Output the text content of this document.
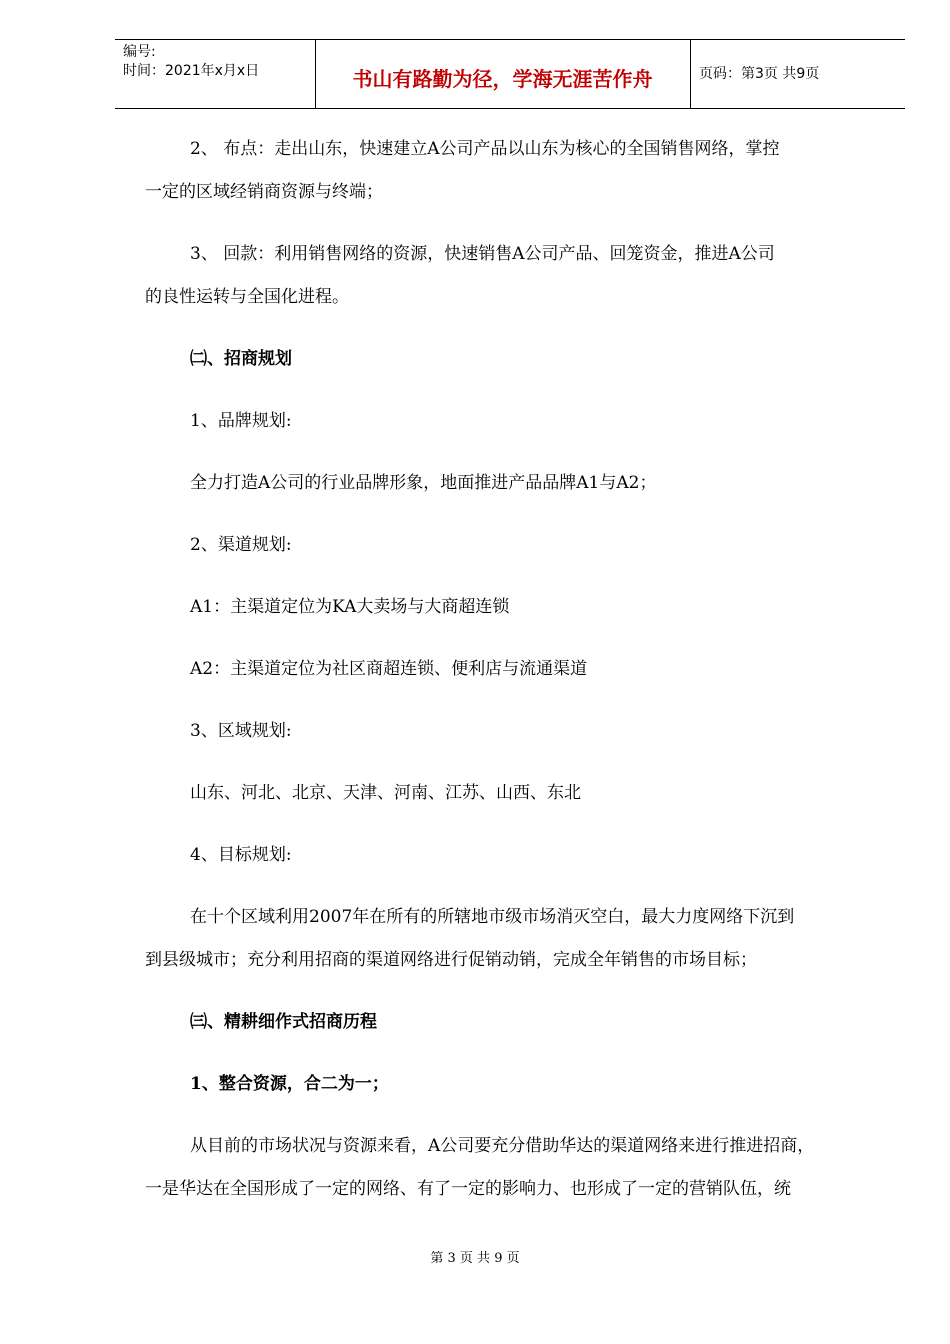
编号:
时间：2021年x月x日	书山有路勤为径，学海无涯苦作舟	页码：第3页 共9页
2、 布点：走出山东，快速建立A公司产品以山东为核心的全国销售网络，掌控
一定的区域经销商资源与终端；
3、 回款：利用销售网络的资源，快速销售A公司产品、回笼资金，推进A公司
的良性运转与全国化进程。
㈡、招商规划
1、品牌规划:
全力打造A公司的行业品牌形象，地面推进产品品牌A1与A2；
2、渠道规划:
A1：主渠道定位为KA大卖场与大商超连锁
A2：主渠道定位为社区商超连锁、便利店与流通渠道
3、区域规划:
山东、河北、北京、天津、河南、江苏、山西、东北
4、目标规划:
在十个区域利用2007年在所有的所辖地市级市场消灭空白，最大力度网络下沉到
到县级城市；充分利用招商的渠道网络进行促销动销，完成全年销售的市场目标；
㈢、精耕细作式招商历程
1、整合资源，合二为一；
从目前的市场状况与资源来看，A公司要充分借助华达的渠道网络来进行推进招商，
一是华达在全国形成了一定的网络、有了一定的影响力、也形成了一定的营销队伍，统
第 3 页 共 9 页
